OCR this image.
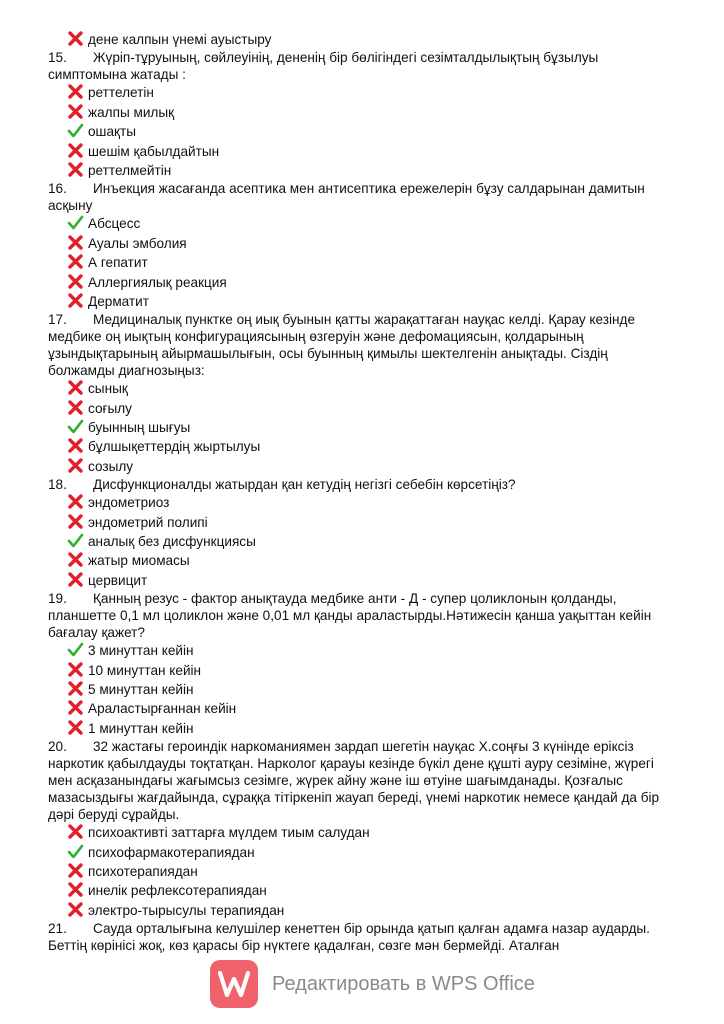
дене калпын үнемі ауыстыру
15. Жүріп-тұруының, сөйлеуінің, дененің бір бөлігіндегі сезімталдылықтың бұзылуы симптомына жатады :
реттелетін
жалпы милық
ошақты
шешім қабылдайтын
реттелмейтін
16. Инъекция жасағанда асептика мен антисептика ережелерін бұзу салдарынан дамитын асқыну
Абсцесс
Ауалы эмболия
А гепатит
Аллергиялық реакция
Дерматит
17. Медициналық пунктке оң иық буынын қатты жарақаттаған науқас келді. Қарау кезінде медбике оң иықтың конфигурациясының өзгеруін және дефомациясын, қолдарының ұзындықтарының айырмашылығын, осы буынның қимылы шектелгенін анықтады. Сіздің болжамды диагнозыңыз:
сынық
соғылу
буынның шығуы
бұлшықеттердің жыртылуы
созылу
18. Дисфункционалды жатырдан қан кетудің негізгі себебін көрсетіңіз?
эндометриоз
эндометрий полипі
аналық без дисфункциясы
жатыр миомасы
цервицит
19. Қанның резус - фактор анықтауда медбике анти - Д - супер цоликлонын қолданды, планшетте 0,1 мл цоликлон және 0,01 мл қанды араластырды.Нәтижесін қанша уақыттан кейін бағалау қажет?
3 минуттан кейін
10 минуттан кейін
5 минуттан кейін
Араластырғаннан кейін
1 минуттан кейін
20. 32 жастағы героиндік наркоманиямен зардап шегетін науқас Х.соңғы 3 күнінде еріксіз наркотик қабылдауды тоқтатқан. Нарколог қарауы кезінде бүкіл дене құшті ауру сезіміне, жүрегі мен асқазанындағы жағымсыз сезімге, жүрек айну және іш өтуіне шағымданады. Қозғалыс мазасыздығы жағдайында, сұраққа тітіркеніп жауап береді, үнемі наркотик немесе қандай да бір дәрі беруді сұрайды.
психоактивті заттарға мүлдем тиым салудан
психофармакотерапиядан
психотерапиядан
инелік рефлексотерапиядан
электро-тырысулы терапиядан
21. Сауда орталығына келушілер кенеттен бір орында қатып қалған адамға назар аударды. Беттің көрінісі жоқ, көз қарасы бір нүктеге қадалған, сөзге мән бермейді. Аталған
Редактировать в WPS Office
